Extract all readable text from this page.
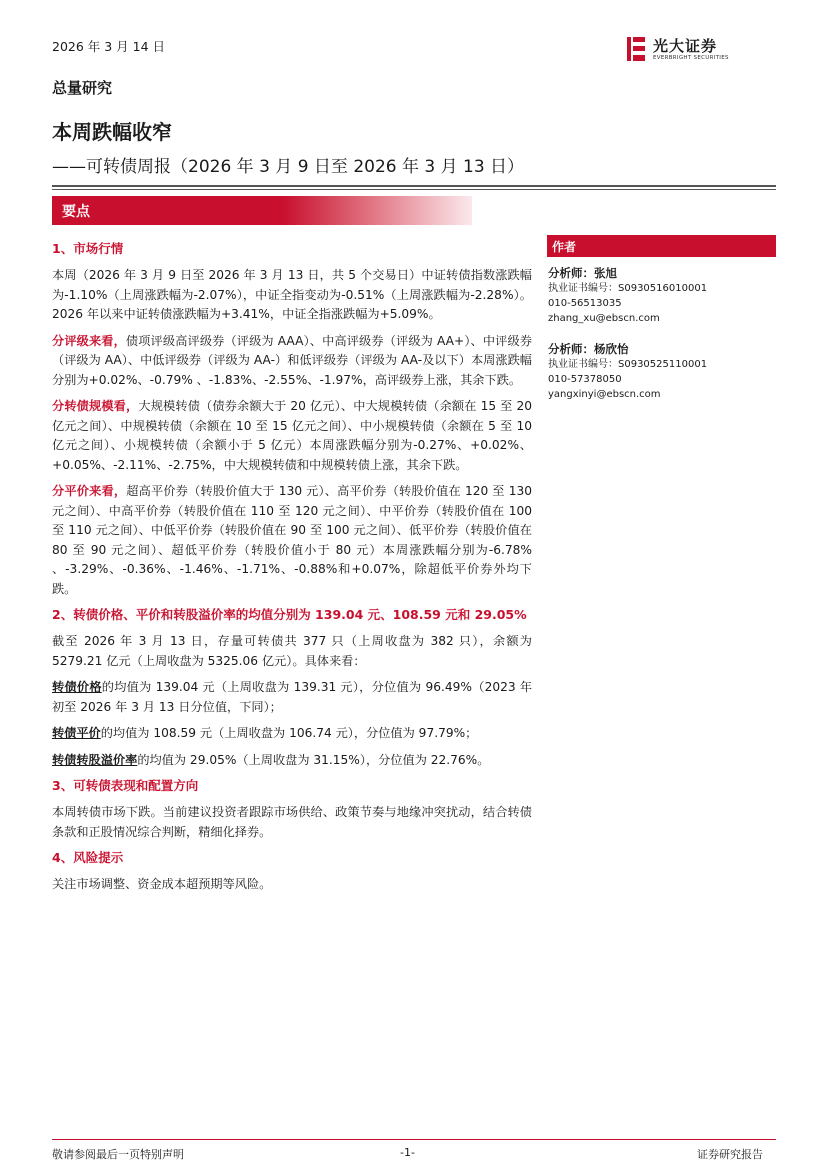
2026 年 3 月 14 日	光大证券
EVERBRIGHT SECURITIES
总量研究
本周跌幅收窄
——可转债周报（2026 年 3 月 9 日至 2026 年 3 月 13 日）
要点
1、市场行情

本周（2026 年 3 月 9 日至 2026 年 3 月 13 日，共 5 个交易日）中证转债指数涨跌幅为-1.10%（上周涨跌幅为-2.07%），中证全指变动为-0.51%（上周涨跌幅为-2.28%）。2026 年以来中证转债涨跌幅为+3.41%，中证全指涨跌幅为+5.09%。

分评级来看，债项评级高评级券（评级为 AAA）、中高评级券（评级为 AA+）、中评级券（评级为 AA）、中低评级券（评级为 AA-）和低评级券（评级为 AA-及以下）本周涨跌幅分别为+0.02%、-0.79% 、-1.83%、-2.55%、-1.97%，高评级券上涨，其余下跌。

分转债规模看，大规模转债（债券余额大于 20 亿元）、中大规模转债（余额在 15 至 20 亿元之间）、中规模转债（余额在 10 至 15 亿元之间）、中小规模转债（余额在 5 至 10 亿元之间）、小规模转债（余额小于 5 亿元）本周涨跌幅分别为-0.27%、+0.02%、+0.05%、-2.11%、-2.75%，中大规模转债和中规模转债上涨，其余下跌。

分平价来看，超高平价券（转股价值大于 130 元）、高平价券（转股价值在 120 至 130 元之间）、中高平价券（转股价值在 110 至 120 元之间）、中平价券（转股价值在 100 至 110 元之间）、中低平价券（转股价值在 90 至 100 元之间）、低平价券（转股价值在 80 至 90 元之间）、超低平价券（转股价值小于 80 元）本周涨跌幅分别为-6.78% 、-3.29%、-0.36%、-1.46%、-1.71%、-0.88%和+0.07%，除超低平价券外均下跌。

2、转债价格、平价和转股溢价率的均值分别为 139.04 元、108.59 元和 29.05%

截至 2026 年 3 月 13 日，存量可转债共 377 只（上周收盘为 382 只），余额为 5279.21 亿元（上周收盘为 5325.06 亿元）。具体来看：

转债价格的均值为 139.04 元（上周收盘为 139.31 元），分位值为 96.49%（2023 年初至 2026 年 3 月 13 日分位值，下同）；

转债平价的均值为 108.59 元（上周收盘为 106.74 元），分位值为 97.79%；

转债转股溢价率的均值为 29.05%（上周收盘为 31.15%），分位值为 22.76%。

3、可转债表现和配置方向

本周转债市场下跌。当前建议投资者跟踪市场供给、政策节奏与地缘冲突扰动，结合转债条款和正股情况综合判断，精细化择券。

4、风险提示

关注市场调整、资金成本超预期等风险。

作者
分析师：张旭
执业证书编号：S0930516010001
010-56513035
zhang_xu@ebscn.com
分析师：杨欣怡
执业证书编号：S0930525110001
010-57378050
yangxinyi@ebscn.com
敬请参阅最后一页特别声明	-1-	证券研究报告
